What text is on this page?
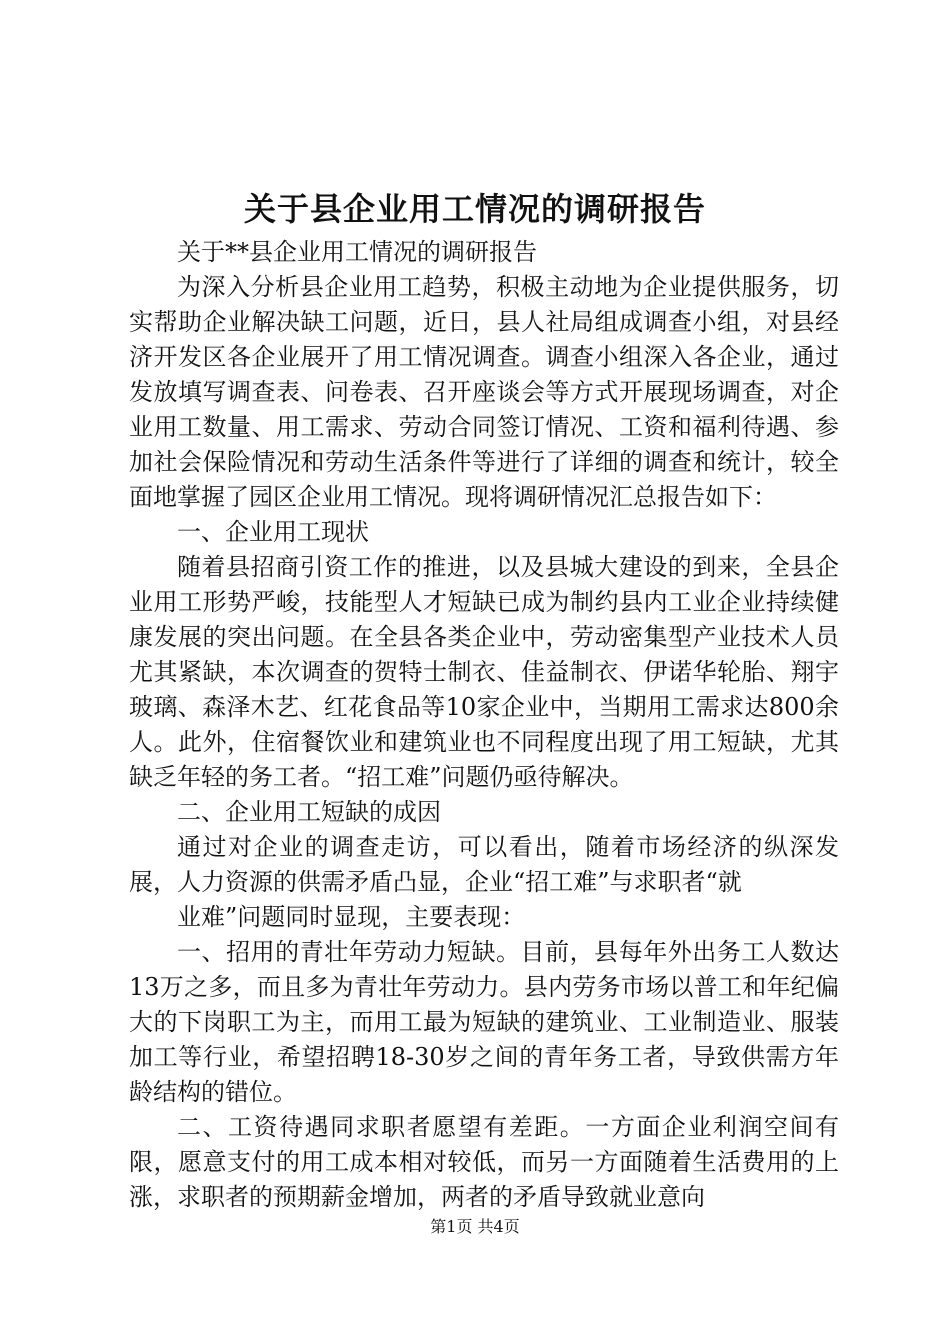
关于县企业用工情况的调研报告

关于**县企业用工情况的调研报告

为深入分析县企业用工趋势，积极主动地为企业提供服务，切实帮助企业解决缺工问题，近日，县人社局组成调查小组，对县经济开发区各企业展开了用工情况调查。调查小组深入各企业，通过发放填写调查表、问卷表、召开座谈会等方式开展现场调查，对企业用工数量、用工需求、劳动合同签订情况、工资和福利待遇、参加社会保险情况和劳动生活条件等进行了详细的调查和统计，较全面地掌握了园区企业用工情况。现将调研情况汇总报告如下：

一、企业用工现状

随着县招商引资工作的推进，以及县城大建设的到来，全县企业用工形势严峻，技能型人才短缺已成为制约县内工业企业持续健康发展的突出问题。在全县各类企业中，劳动密集型产业技术人员尤其紧缺，本次调查的贺特士制衣、佳益制衣、伊诺华轮胎、翔宇玻璃、森泽木艺、红花食品等10家企业中，当期用工需求达800余人。此外，住宿餐饮业和建筑业也不同程度出现了用工短缺，尤其缺乏年轻的务工者。“招工难”问题仍亟待解决。

二、企业用工短缺的成因

通过对企业的调查走访，可以看出，随着市场经济的纵深发展，人力资源的供需矛盾凸显，企业“招工难”与求职者“就

业难”问题同时显现，主要表现：

一、招用的青壮年劳动力短缺。目前，县每年外出务工人数达13万之多，而且多为青壮年劳动力。县内劳务市场以普工和年纪偏大的下岗职工为主，而用工最为短缺的建筑业、工业制造业、服装加工等行业，希望招聘18-30岁之间的青年务工者，导致供需方年龄结构的错位。

二、工资待遇同求职者愿望有差距。一方面企业利润空间有限，愿意支付的用工成本相对较低，而另一方面随着生活费用的上涨，求职者的预期薪金增加，两者的矛盾导致就业意向

第1页 共4页
